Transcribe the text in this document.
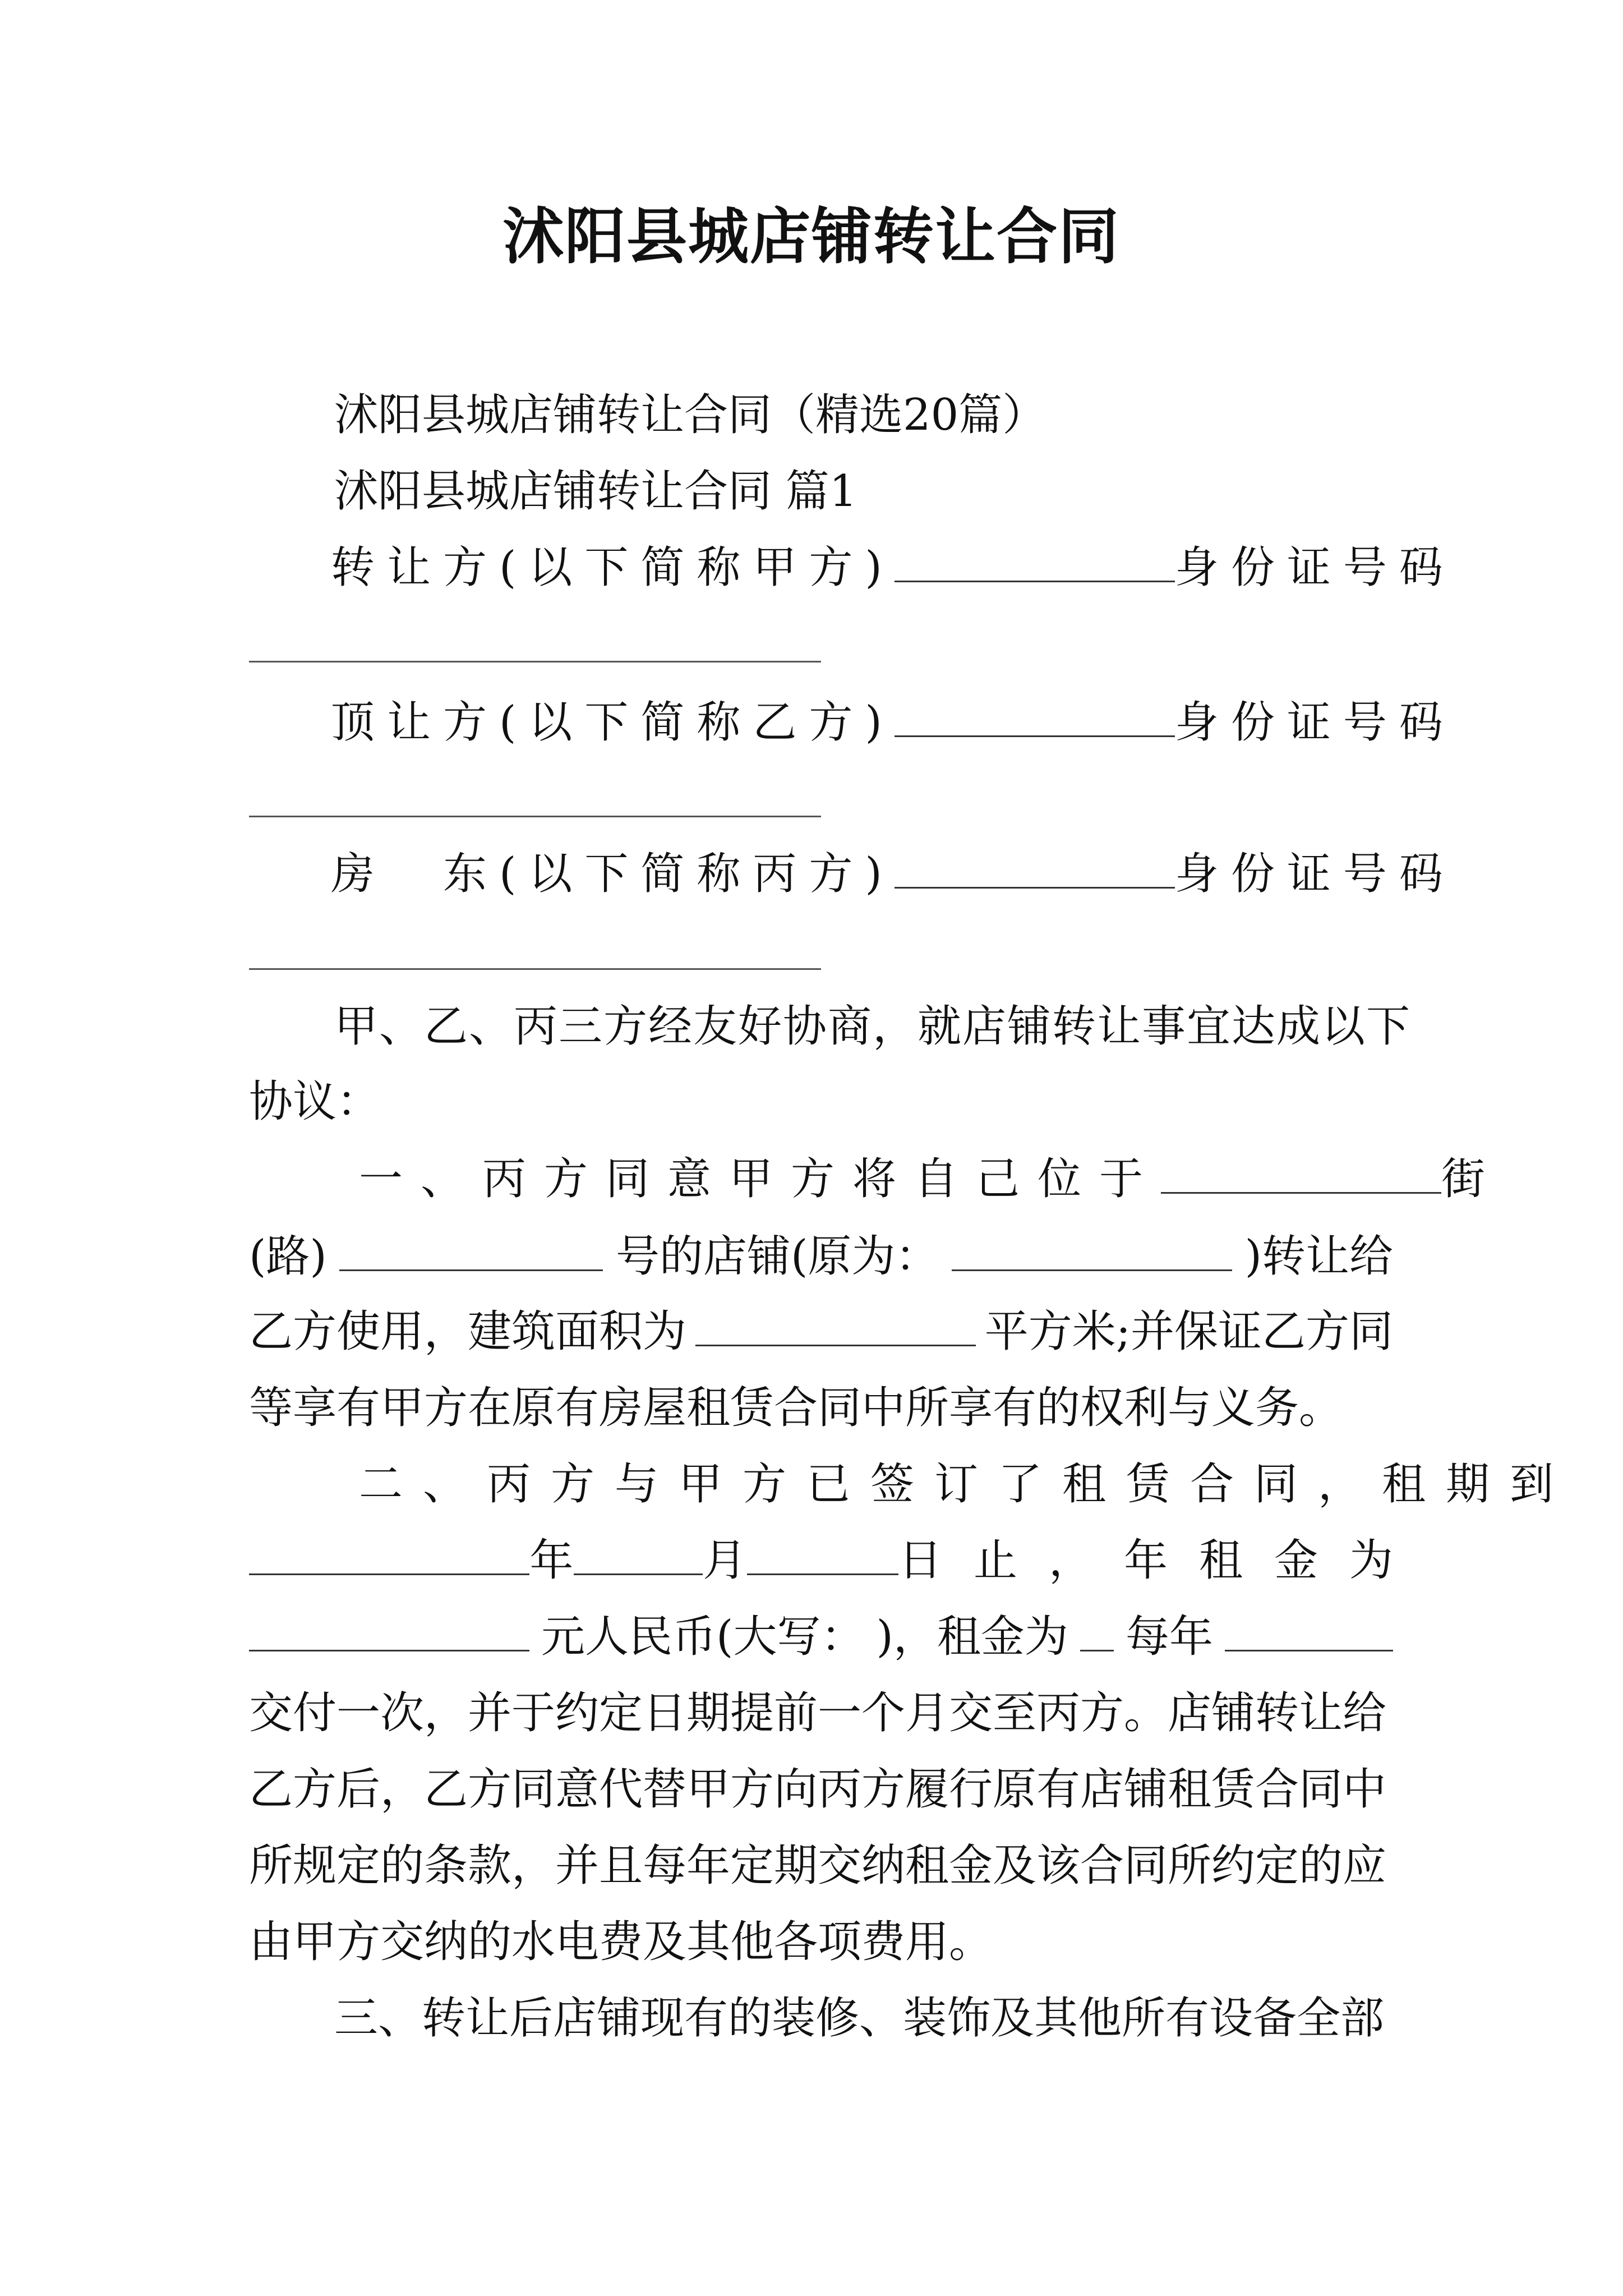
沭阳县城店铺转让合同
沭阳县城店铺转让合同（精选20篇）
沭阳县城店铺转让合同 篇1
转让方(以下简称甲方)	身份证号码
顶让方(以下简称乙方)	身份证号码
房　东(以下简称丙方)	身份证号码
甲、乙、丙三方经友好协商，就店铺转让事宜达成以下
协议：
一、丙方同意甲方将自己位于	街
(路)	号的店铺(原为：	)转让给
乙方使用，建筑面积为	平方米;并保证乙方同
等享有甲方在原有房屋租赁合同中所享有的权利与义务。
二、丙方与甲方已签订了租赁合同，租期到
年	月	日止，年租金为
元人民币(大写： )，租金为 每年
交付一次，并于约定日期提前一个月交至丙方。店铺转让给
乙方后，乙方同意代替甲方向丙方履行原有店铺租赁合同中
所规定的条款，并且每年定期交纳租金及该合同所约定的应
由甲方交纳的水电费及其他各项费用。
三、转让后店铺现有的装修、装饰及其他所有设备全部
